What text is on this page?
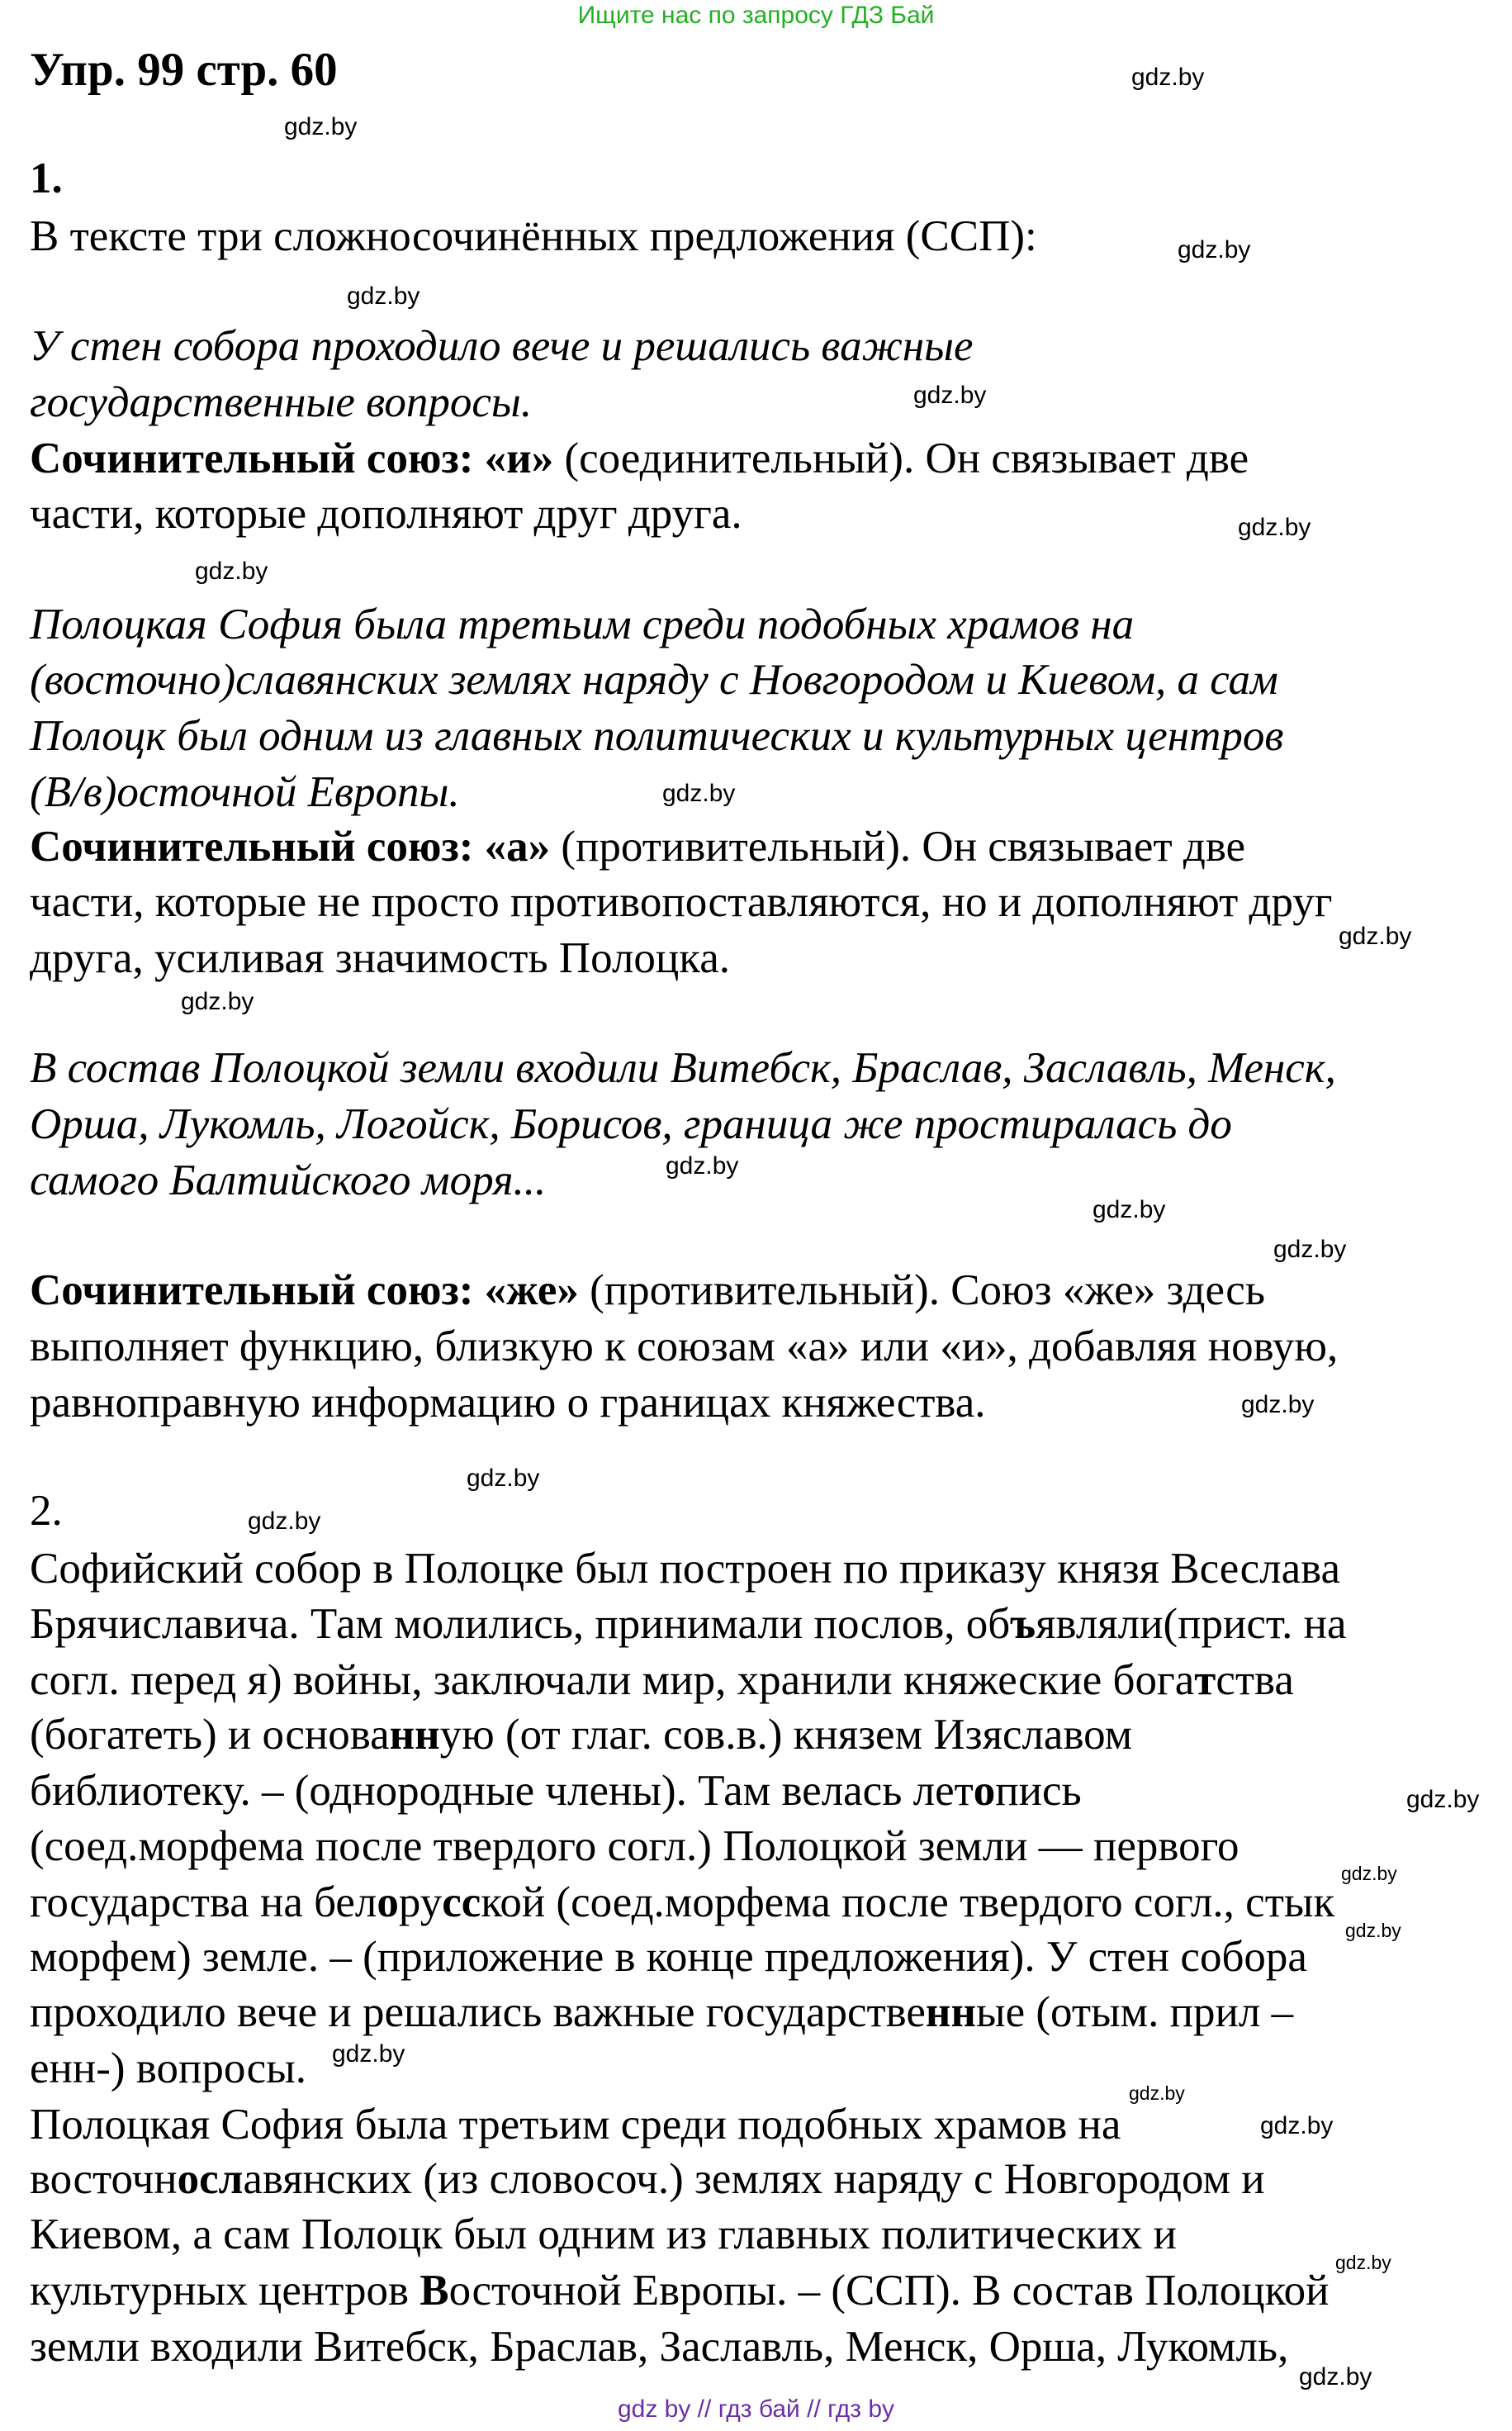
Ищите нас по запросу ГДЗ Бай
Упр. 99 стр. 60
1.
В тексте три сложносочинённых предложения (ССП):
У стен собора проходило вече и решались важные
государственные вопросы.
Сочинительный союз: «и» (соединительный). Он связывает две
части, которые дополняют друг друга.
Полоцкая София была третьим среди подобных храмов на
(восточно)славянских землях наряду с Новгородом и Киевом, а сам
Полоцк был одним из главных политических и культурных центров
(В/в)осточной Европы.
Сочинительный союз: «а» (противительный). Он связывает две
части, которые не просто противопоставляются, но и дополняют друг
друга, усиливая значимость Полоцка.
В состав Полоцкой земли входили Витебск, Браслав, Заславль, Менск,
Орша, Лукомль, Логойск, Борисов, граница же простиралась до
самого Балтийского моря...
Сочинительный союз: «же» (противительный). Союз «же» здесь
выполняет функцию, близкую к союзам «а» или «и», добавляя новую,
равноправную информацию о границах княжества.
2.
Софийский собор в Полоцке был построен по приказу князя Всеслава
Брячиславича. Там молились, принимали послов, объявляли(прист. на
согл. перед я) войны, заключали мир, хранили княжеские богатства
(богатеть) и основанную (от глаг. сов.в.) князем Изяславом
библиотеку. – (однородные члены). Там велась летопись
(соед.морфема после твердого согл.) Полоцкой земли — первого
государства на белорусской (соед.морфема после твердого согл., стык
морфем) земле. – (приложение в конце предложения). У стен собора
проходило вече и решались важные государственные (отым. прил –
енн-) вопросы.
Полоцкая София была третьим среди подобных храмов на
восточнославянских (из словосоч.) землях наряду с Новгородом и
Киевом, а сам Полоцк был одним из главных политических и
культурных центров Восточной Европы. – (ССП). В состав Полоцкой
земли входили Витебск, Браслав, Заславль, Менск, Орша, Лукомль,
gdz.by
gdz.by
gdz.by
gdz.by
gdz.by
gdz.by
gdz.by
gdz.by
gdz.by
gdz.by
gdz.by
gdz.by
gdz.by
gdz.by
gdz.by
gdz.by
gdz.by
gdz.by
gdz.by
gdz.by
gdz.by
gdz.by
gdz.by
gdz.by
gdz by // гдз бай // гдз by
